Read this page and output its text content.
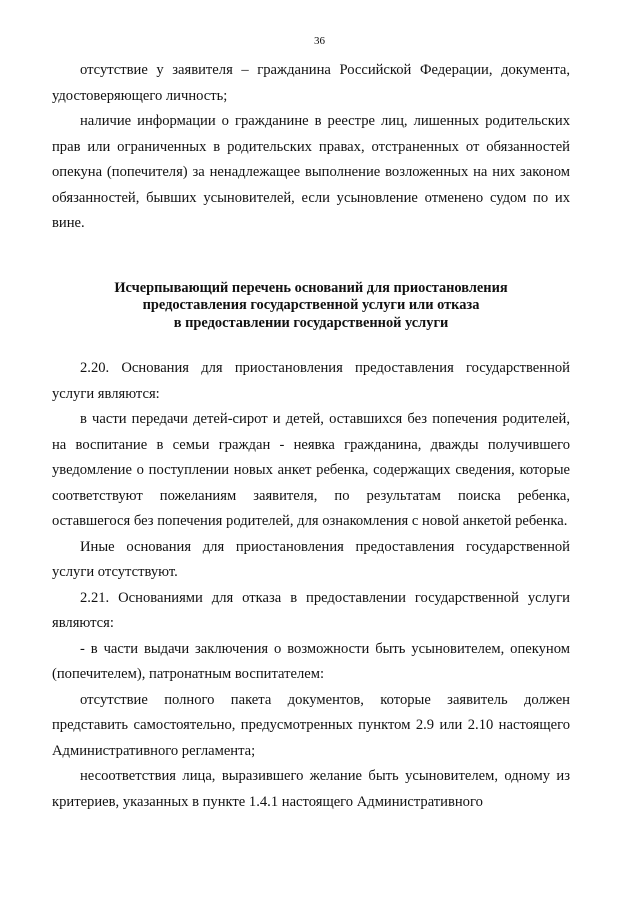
36

отсутствие у заявителя – гражданина Российской Федерации, документа, удостоверяющего личность;

наличие информации о гражданине в реестре лиц, лишенных родительских прав или ограниченных в родительских правах, отстраненных от обязанностей опекуна (попечителя) за ненадлежащее выполнение возложенных на них законом обязанностей, бывших усыновителей, если усыновление отменено судом по их вине.

Исчерпывающий перечень оснований для приостановления
предоставления государственной услуги или отказа
в предоставлении государственной услуги

2.20. Основания для приостановления предоставления государственной услуги являются:

в части передачи детей-сирот и детей, оставшихся без попечения родителей, на воспитание в семьи граждан - неявка гражданина, дважды получившего уведомление о поступлении новых анкет ребенка, содержащих сведения, которые соответствуют пожеланиям заявителя, по результатам поиска ребенка, оставшегося без попечения родителей, для ознакомления с новой анкетой ребенка.

Иные основания для приостановления предоставления государственной услуги отсутствуют.

2.21. Основаниями для отказа в предоставлении государственной услуги являются:

- в части выдачи заключения о возможности быть усыновителем, опекуном (попечителем), патронатным воспитателем:

отсутствие полного пакета документов, которые заявитель должен представить самостоятельно, предусмотренных пунктом 2.9 или 2.10 настоящего Административного регламента;

несоответствия лица, выразившего желание быть усыновителем, одному из критериев, указанных в пункте 1.4.1 настоящего Административного
